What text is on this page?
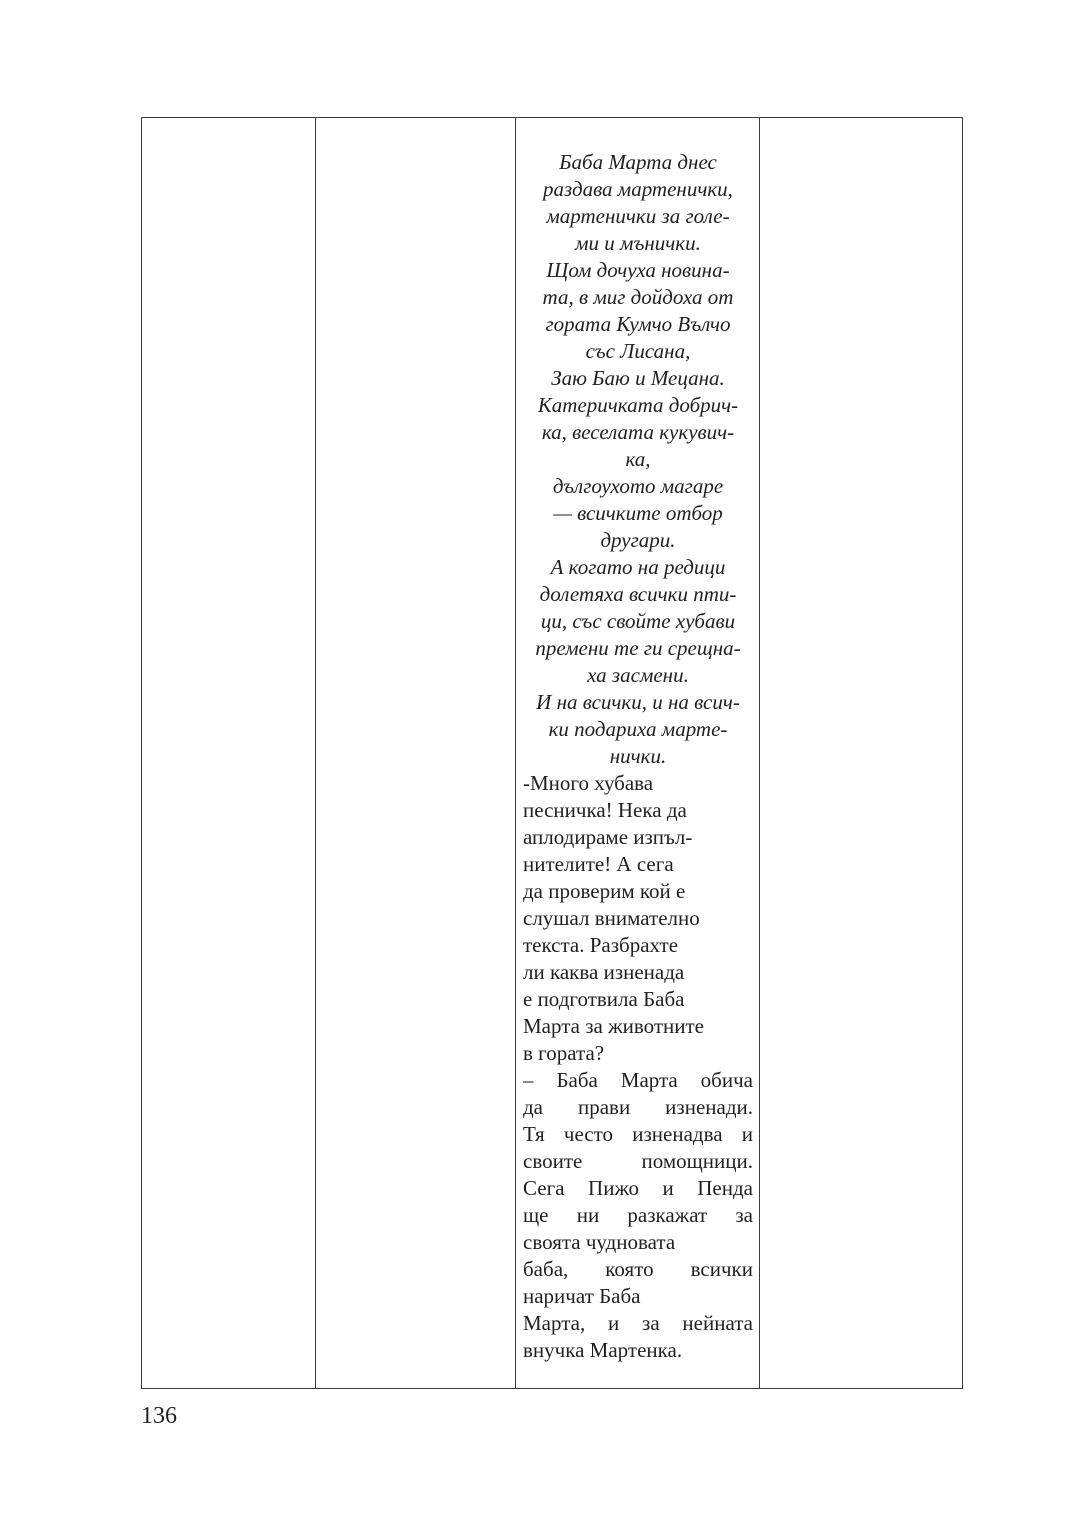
Баба Марта днес
раздава мартенички,
мартенички за голе-
ми и мънички.
Щом дочуха новина-
та, в миг дойдоха от
гората Кумчо Вълчо
със Лисана,
Заю Баю и Мецана.
Катеричката добрич-
ка, веселата кукувич-
ка,
дългоухото магаре
— всичките отбор
другари.
А когато на редици
долетяха всички пти-
ци, със свойте хубави
премени те ги срещна-
ха засмени.
И на всички, и на всич-
ки подариха марте-
нички.
-Много хубава
песничка! Нека да
аплодираме изпъл-
нителите! А сега
да проверим кой е
слушал внимателно
текста. Разбрахте
ли каква изненада
е подготвила Баба
Марта за животните
в гората?
– Баба Марта обича
да прави изненади.
Тя често изненадва и
своите помощници.
Сега Пижо и Пенда
ще ни разкажат за
своята чудновата
баба, която всички
наричат Баба
Марта, и за нейната
внучка Мартенка.
136
